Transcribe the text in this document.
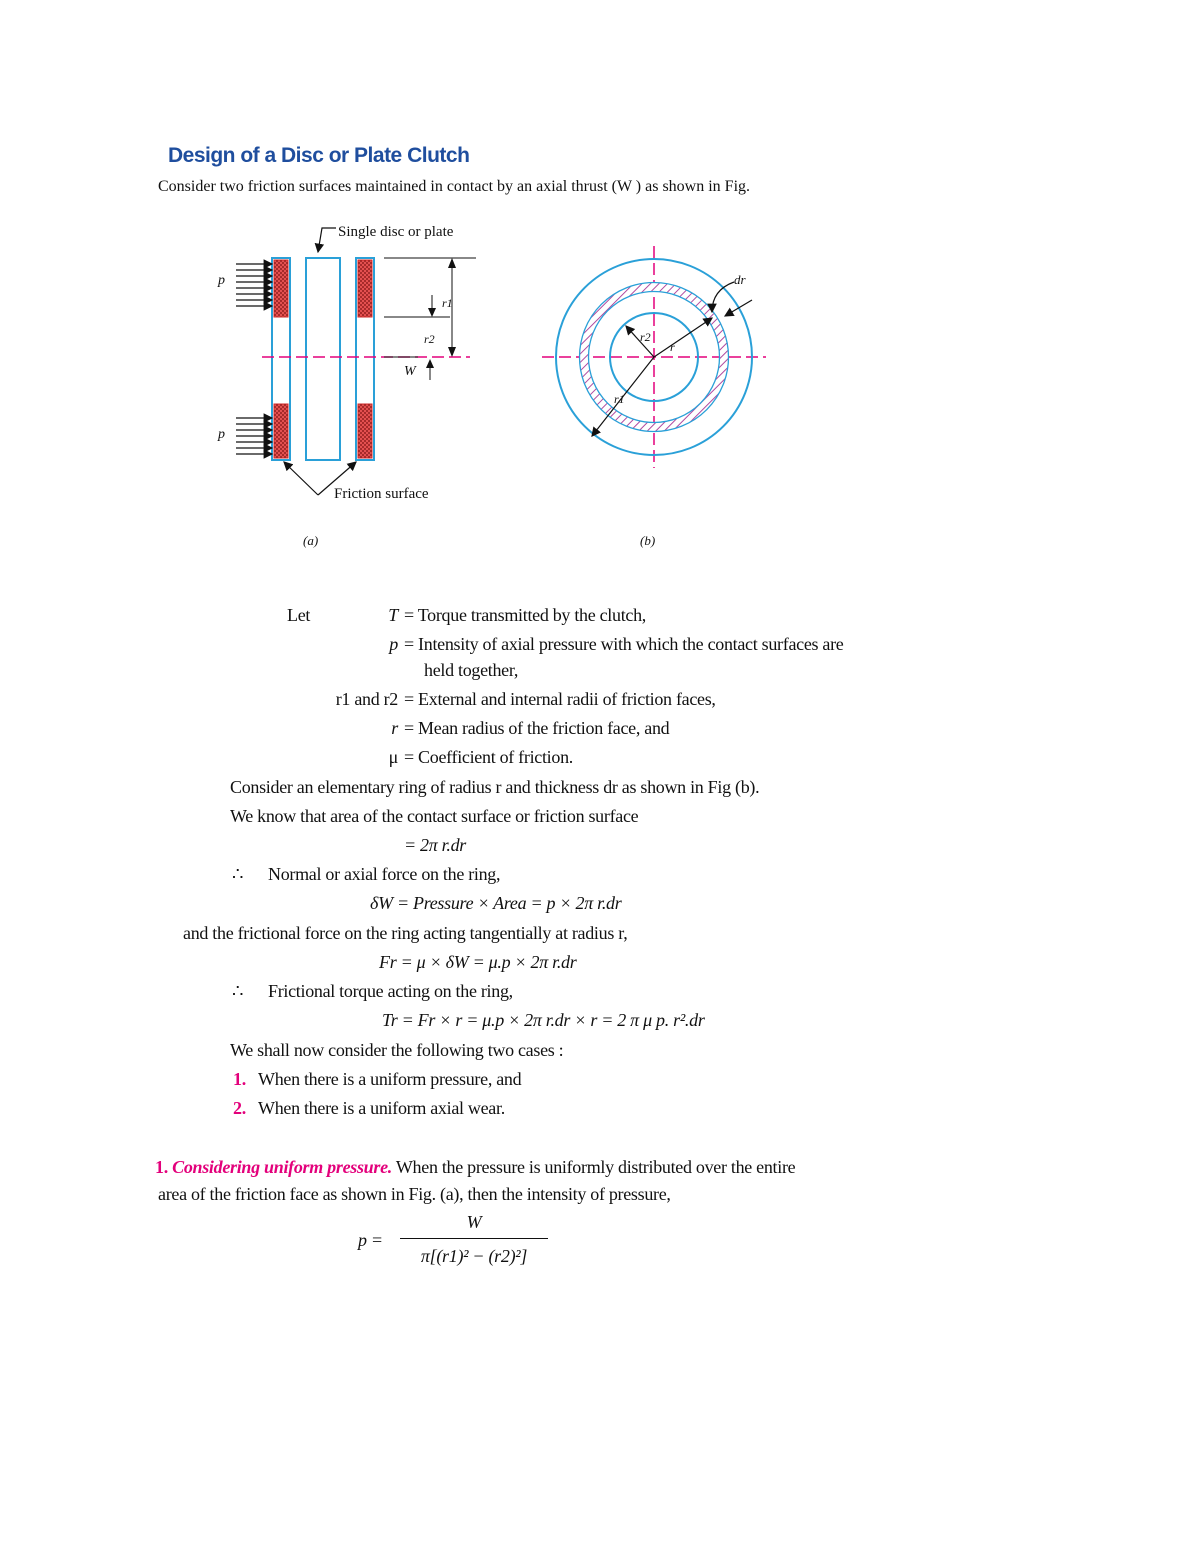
Design of a Disc or Plate Clutch
Consider two friction surfaces maintained in contact by an axial thrust (W ) as shown in Fig.
Single disc or plate
Friction surface
p
p
r1
r2
W
dr
r2
r
r1
(a)	(b)
Let	T = Torque transmitted by the clutch,
p = Intensity of axial pressure with which the contact surfaces are
held together,
r1 and r2 = External and internal radii of friction faces,
r = Mean radius of the friction face, and
μ = Coefficient of friction.
Consider an elementary ring of radius r and thickness dr as shown in Fig (b).
We know that area of the contact surface or friction surface
= 2π r.dr
∴ Normal or axial force on the ring,
δW = Pressure × Area = p × 2π r.dr
and the frictional force on the ring acting tangentially at radius r,
Fr = μ × δW = μ.p × 2π r.dr
∴ Frictional torque acting on the ring,
Tr = Fr × r = μ.p × 2π r.dr × r = 2 π μ p. r².dr
We shall now consider the following two cases :
1. When there is a uniform pressure, and
2. When there is a uniform axial wear.
1. Considering uniform pressure. When the pressure is uniformly distributed over the entire
area of the friction face as shown in Fig. (a), then the intensity of pressure,
p =
W
π[(r1)² − (r2)²]
